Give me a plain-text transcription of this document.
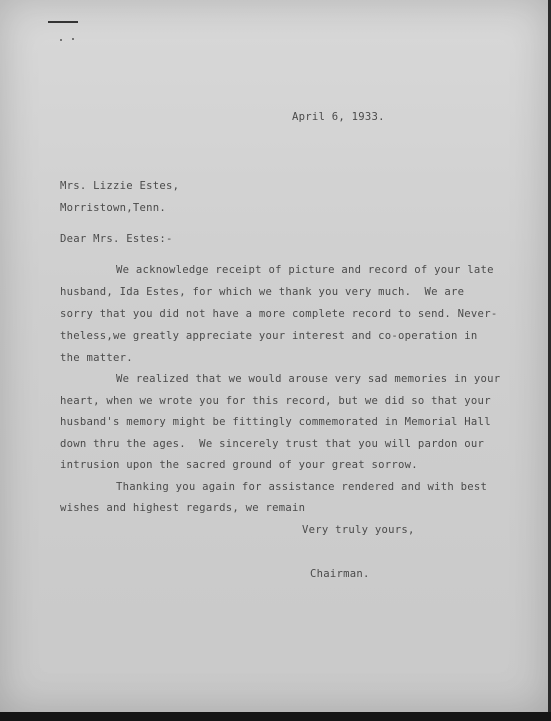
April 6, 1933.
Mrs. Lizzie Estes,
Morristown,Tenn.
Dear Mrs. Estes:-
We acknowledge receipt of picture and record of your late
husband, Ida Estes, for which we thank you very much.  We are
sorry that you did not have a more complete record to send. Never-
theless,we greatly appreciate your interest and co-operation in
the matter.
We realized that we would arouse very sad memories in your
heart, when we wrote you for this record, but we did so that your
husband's memory might be fittingly commemorated in Memorial Hall
down thru the ages.  We sincerely trust that you will pardon our
intrusion upon the sacred ground of your great sorrow.
Thanking you again for assistance rendered and with best
wishes and highest regards, we remain
Very truly yours,
Chairman.
